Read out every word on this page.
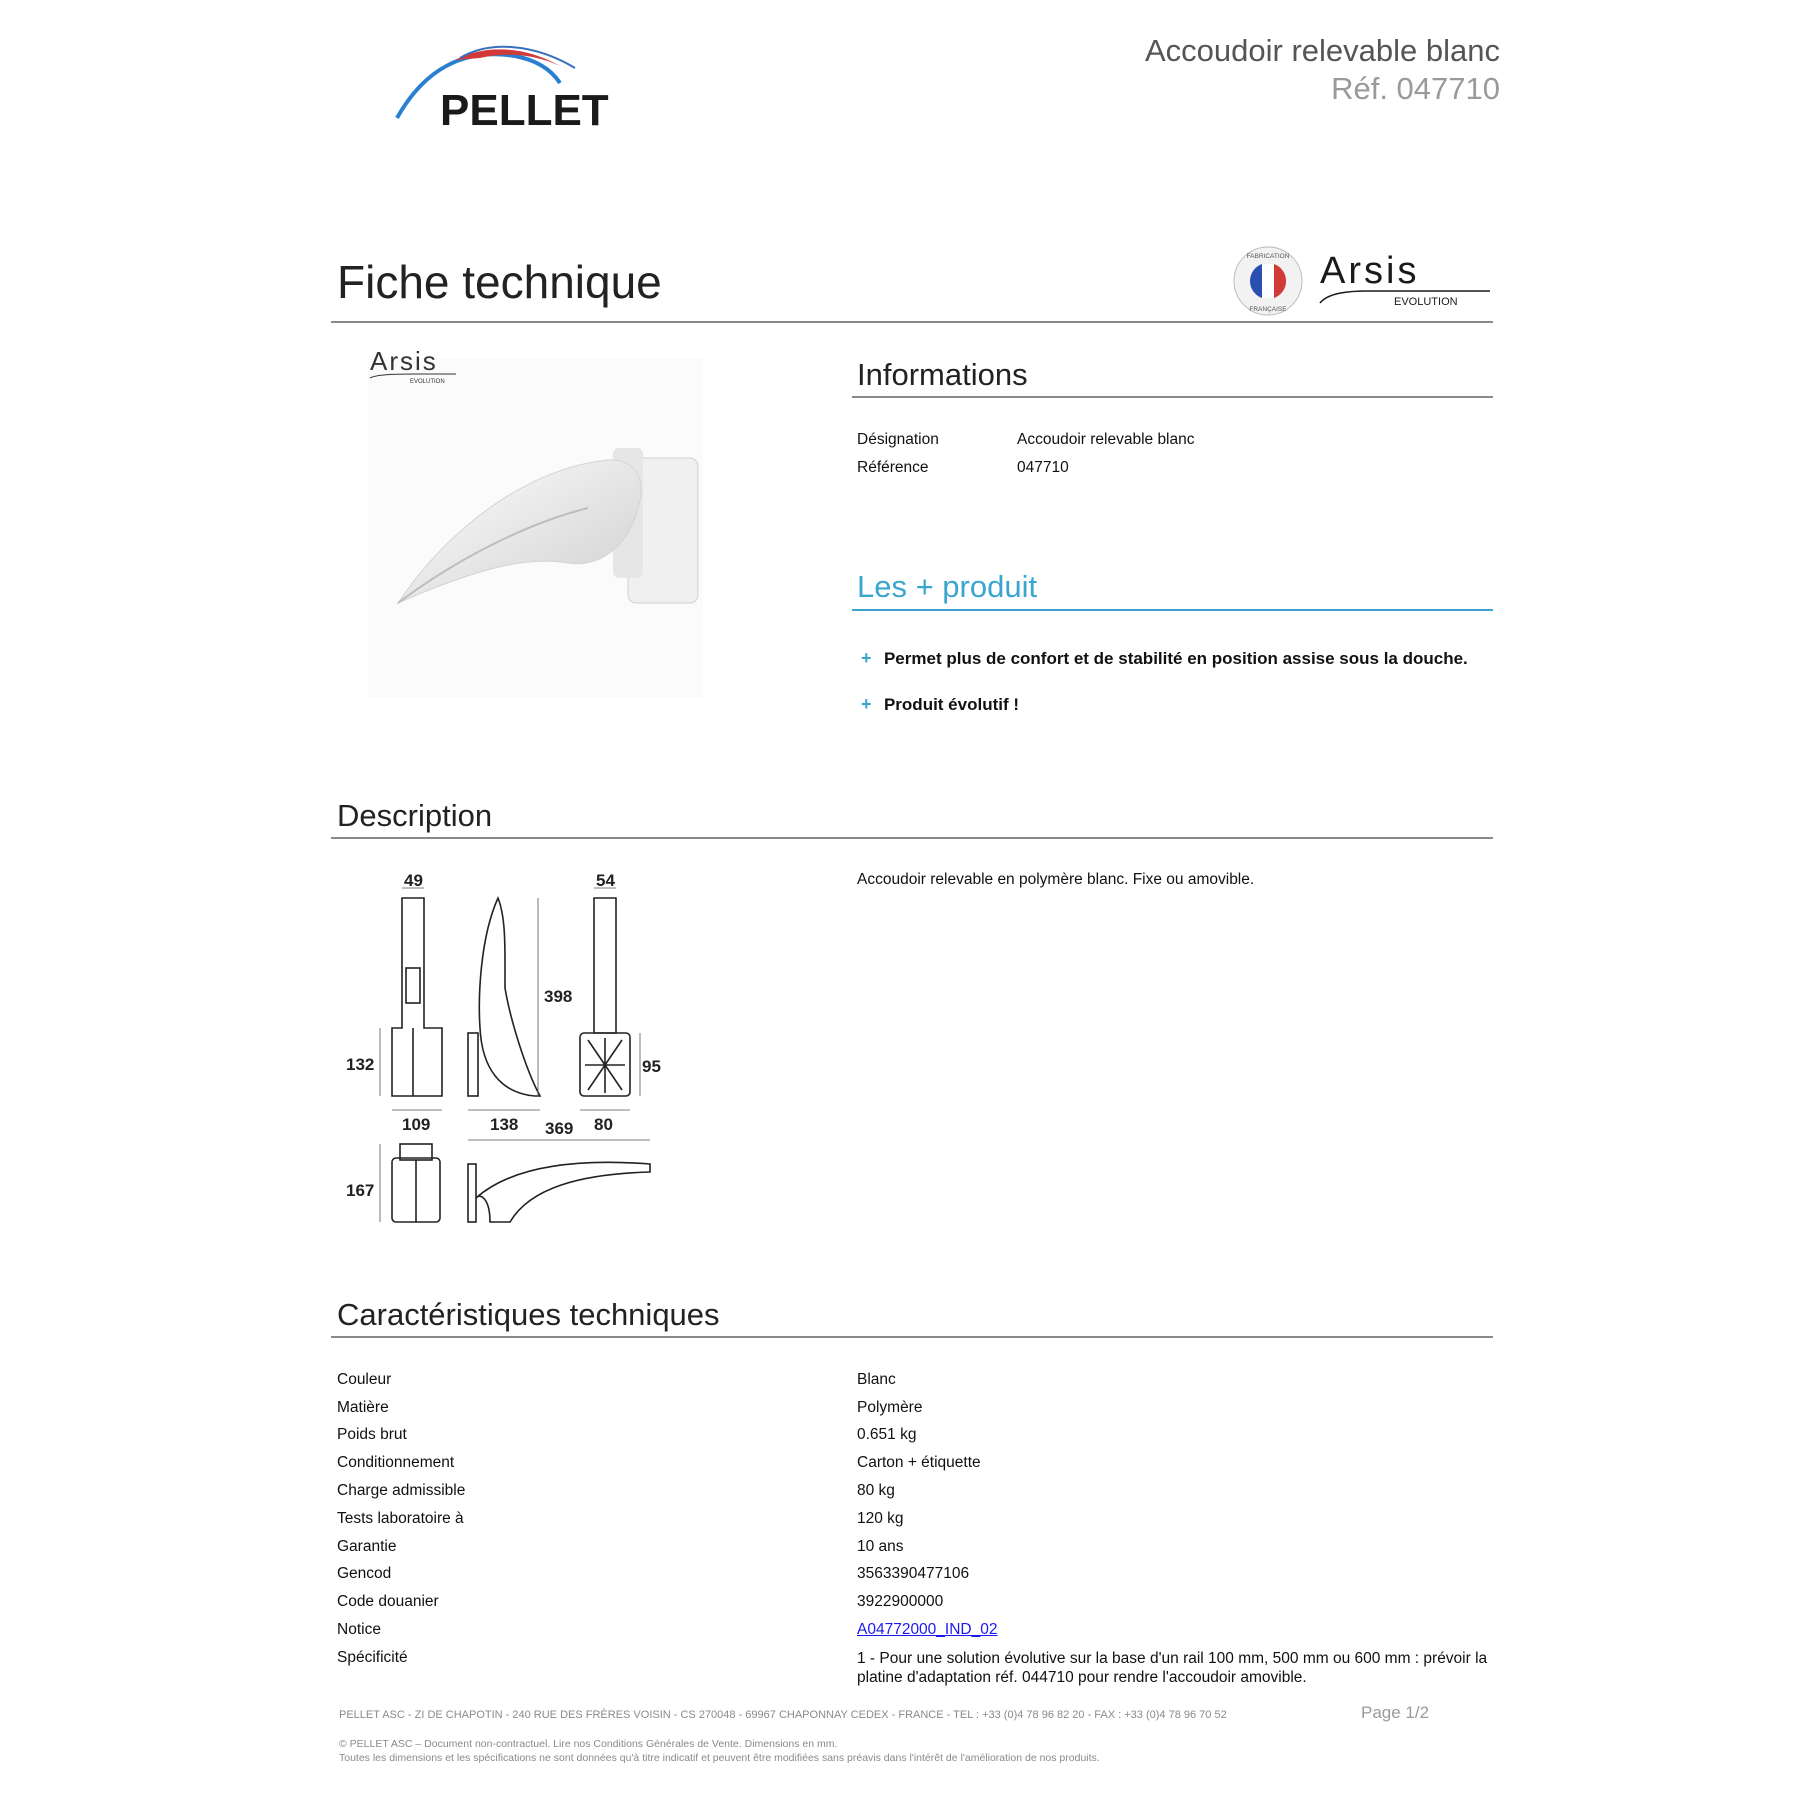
PELLET
Accoudoir relevable blanc
Réf. 047710
Fiche technique	FABRICATION
FRANÇAISE
Arsis
EVOLUTION
Arsis
EVOLUTION	Informations
Désignation	Accoudoir relevable blanc
Référence	047710
Les + produit
+ Permet plus de confort et de stabilité en position assise sous la douche.
+ Produit évolutif !
Description
49	54
398
132	95
109	138	80
369
167
Accoudoir relevable en polymère blanc. Fixe ou amovible.
Caractéristiques techniques
Couleur	Blanc
Matière	Polymère
Poids brut	0.651 kg
Conditionnement	Carton + étiquette
Charge admissible	80 kg
Tests laboratoire à	120 kg
Garantie	10 ans
Gencod	3563390477106
Code douanier	3922900000
Notice	A04772000_IND_02
Spécificité	1 - Pour une solution évolutive sur la base d'un rail 100 mm, 500 mm ou 600 mm : prévoir la platine d'adaptation réf. 044710 pour rendre l'accoudoir amovible.
PELLET ASC - ZI DE CHAPOTIN - 240 RUE DES FRÈRES VOISIN - CS 270048 - 69967 CHAPONNAY CEDEX - FRANCE - TEL : +33 (0)4 78 96 82 20 - FAX : +33 (0)4 78 96 70 52	Page 1/2
© PELLET ASC – Document non-contractuel. Lire nos Conditions Générales de Vente. Dimensions en mm.
Toutes les dimensions et les spécifications ne sont données qu'à titre indicatif et peuvent être modifiées sans préavis dans l'intérêt de l'amélioration de nos produits.
